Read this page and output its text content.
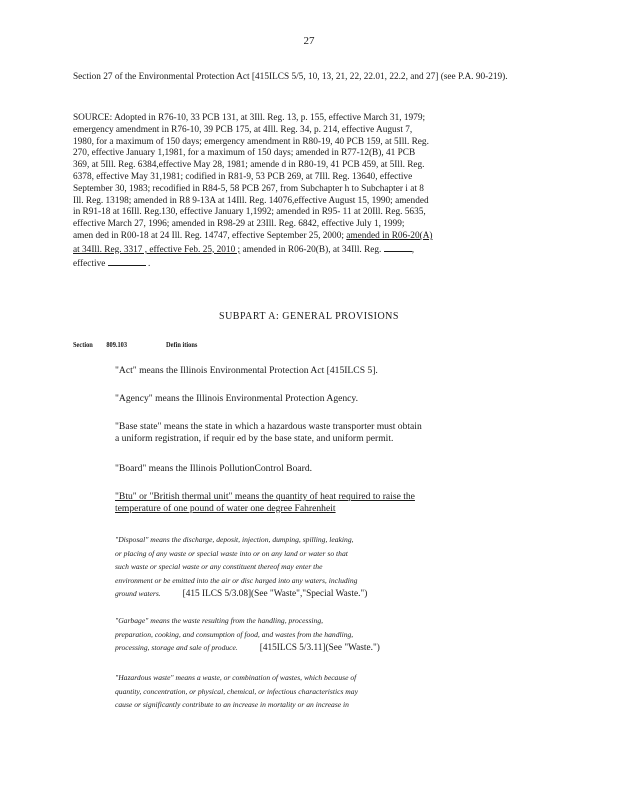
27
Section 27 of the Environmental Protection Act [415ILCS 5/5, 10, 13, 21, 22, 22.01, 22.2, and 27] (see P.A. 90-219).
SOURCE: Adopted in R76-10, 33 PCB 131, at 3Ill. Reg. 13, p. 155, effective March 31, 1979;
emergency amendment in R76-10, 39 PCB 175, at 4Ill. Reg. 34, p. 214, effective August 7,
1980, for a maximum of 150 days; emergency amendment in R80-19, 40 PCB 159, at 5Ill. Reg.
270, effective January 1,1981, for a maximum of 150 days; amended in R77-12(B), 41 PCB
369, at 5Ill. Reg. 6384,effective May 28, 1981; amende d in R80-19, 41 PCB 459, at 5Ill. Reg.
6378, effective May 31,1981; codified in R81-9, 53 PCB 269, at 7Ill. Reg. 13640, effective
September 30, 1983; recodified in R84-5, 58 PCB 267, from Subchapter h to Subchapter i at 8
Ill. Reg. 13198; amended in R8 9-13A at 14Ill. Reg. 14076,effective August 15, 1990; amended
in R91-18 at 16Ill. Reg.130, effective January 1,1992; amended in R95- 11 at 20Ill. Reg. 5635,
effective March 27, 1996; amended in R98-29 at 23Ill. Reg. 6842, effective July 1, 1999;
amen ded in R00-18 at 24 Ill. Reg. 14747, effective September 25, 2000; amended in R06-20(A)
at 34Ill. Reg. 3317 , effective Feb. 25, 2010 ; amended in R06-20(B), at 34Ill. Reg.	,
effective	.
SUBPART A: GENERAL PROVISIONS
Section 809.103	Defin itions
"Act" means the Illinois Environmental Protection Act [415ILCS 5].
"Agency" means the Illinois Environmental Protection Agency.
"Base state" means the state in which a hazardous waste transporter must obtain
a uniform registration, if requir ed by the base state, and uniform permit.
"Board" means the Illinois PollutionControl Board.
"Btu" or "British thermal unit" means the quantity of heat required to raise the
temperature of one pound of water one degree Fahrenheit
"Disposal" means the discharge, deposit, injection, dumping, spilling, leaking,
or placing of any waste or special waste into or on any land or water so that
such waste or special waste or any constituent thereof may enter the
environment or be emitted into the air or disc harged into any waters, including
ground waters. [415 ILCS 5/3.08](See "Waste","Special Waste.")
"Garbage" means the waste resulting from the handling, processing,
preparation, cooking, and consumption of food, and wastes from the handling,
processing, storage and sale of produce. [415ILCS 5/3.11](See "Waste.")
"Hazardous waste" means a waste, or combination of wastes, which because of
quantity, concentration, or physical, chemical, or infectious characteristics may
cause or significantly contribute to an increase in mortality or an increase in
